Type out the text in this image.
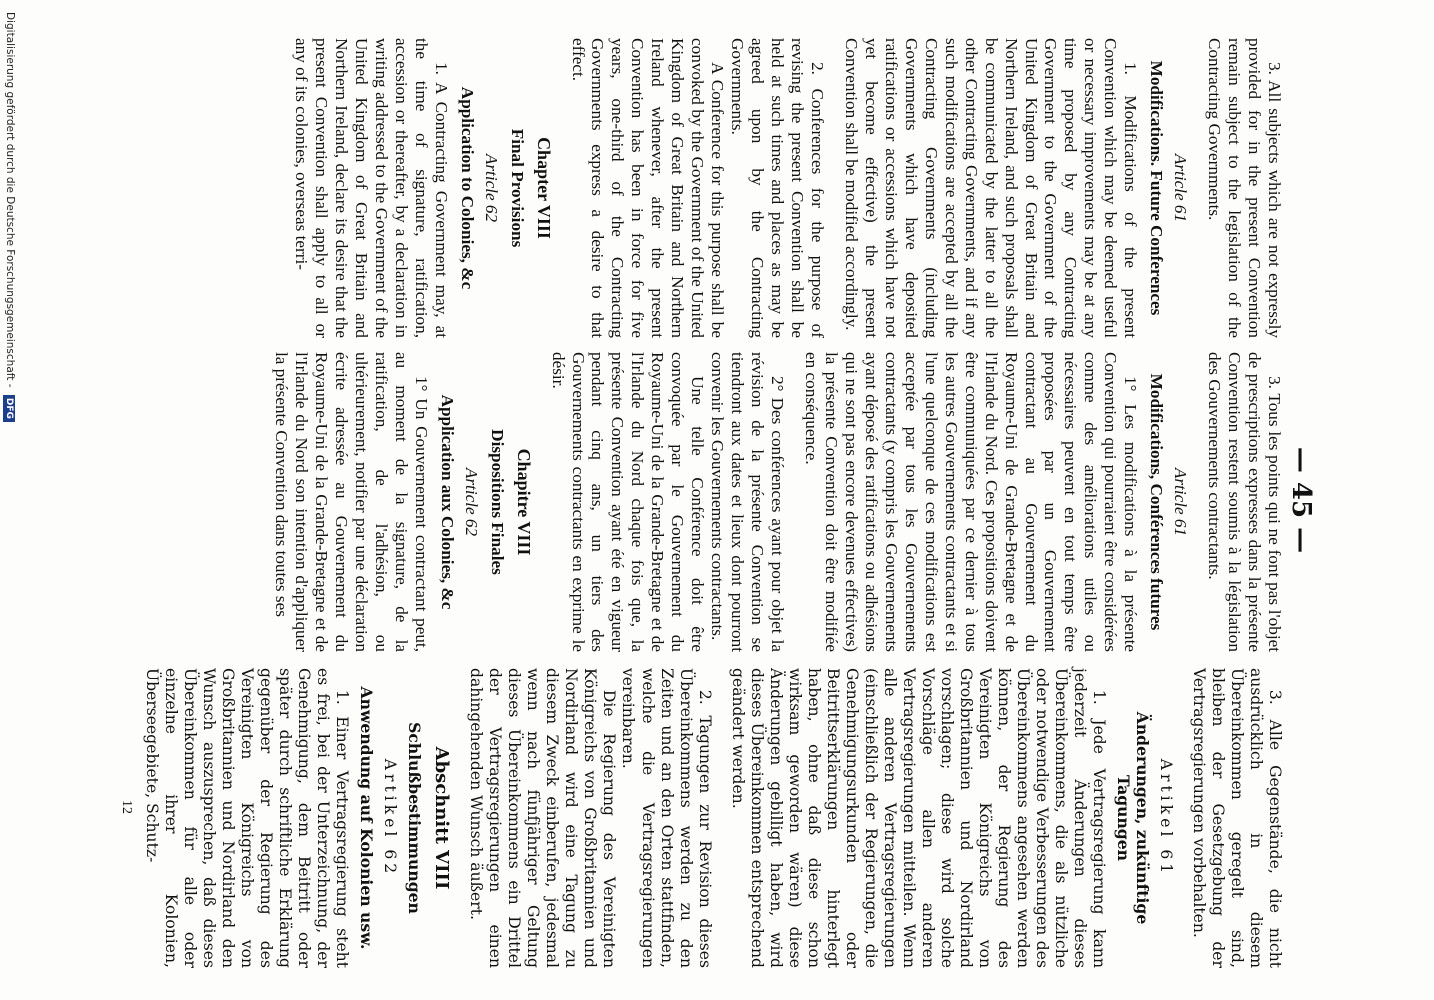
— 45 —

3. All subjects which are not expressly provided for in the present Convention remain subject to the legislation of the Contracting Governments.

Article 61
Modifications. Future Conferences

1. Modifications of the present Convention which may be deemed useful or necessary improvements may be at any time proposed by any Contracting Government to the Government of the United Kingdom of Great Britain and Northern Ireland, and such proposals shall be communicated by the latter to all the other Contracting Governments, and if any such modifications are accepted by all the Contracting Governments (including Governments which have deposited ratifications or accessions which have not yet become effective) the present Convention shall be modified accordingly.

2. Conferences for the purpose of revising the present Convention shall be held at such times and places as may be agreed upon by the Contracting Governments.

A Conference for this purpose shall be convoked by the Government of the United Kingdom of Great Britain and Northern Ireland whenever, after the present Convention has been in force for five years, one-third of the Contracting Governments express a desire to that effect.

Chapter VIII
Final Provisions
Article 62
Application to Colonies, &c

1. A Contracting Government may, at the time of signature, ratification, accession or thereafter, by a declaration in writing addressed to the Government of the United Kingdom of Great Britain and Northern Ireland, declare its desire that the present Convention shall apply to all or any of its colonies, overseas terri-

3. Tous les points qui ne font pas l'objet de prescriptions expresses dans la présente Convention restent soumis à la législation des Gouvernements contractants.

Article 61
Modifications, Conférences futures

1° Les modifications à la présente Convention qui pourraient être considérées comme des améliorations utiles ou nécessaires peuvent en tout temps être proposées par un Gouvernement contractant au Gouvernement du Royaume-Uni de Grande-Bretagne et de l'Irlande du Nord. Ces propositions doivent être communiquées par ce dernier à tous les autres Gouvernements contractants et si l'une quelconque de ces modifications est acceptée par tous les Gouvernements contractants (y compris les Gouvernements ayant déposé des ratifications ou adhésions qui ne sont pas encore devenues effectives) la présente Convention doit être modifiée en conséquence.

2° Des conférences ayant pour objet la révision de la présente Convention se tiendront aux dates et lieux dont pourront convenir les Gouvernements contractants.

Une telle Conférence doit être convoquée par le Gouvernement du Royaume-Uni de la Grande-Bretagne et de l'Irlande du Nord chaque fois que, la présente Convention ayant été en vigueur pendant cinq ans, un tiers des Gouvernements contractants en exprime le désir.

Chapitre VIII
Dispositions Finales
Article 62
Application aux Colonies, &c

1° Un Gouvernement contractant peut, au moment de la signature, de la ratification, de l'adhésion, ou ultérieurement, notifier par une déclaration écrite adressée au Gouvernement du Royaume-Uni de la Grande-Bretagne et de l'Irlande du Nord son intention d'appliquer la présente Convention dans toutes ses

3. Alle Gegenstände, die nicht ausdrücklich in diesem Übereinkommen geregelt sind, bleiben der Gesetzgebung der Vertragsregierungen vorbehalten.

Artikel 61
Änderungen, zukünftige Tagungen

1. Jede Vertragsregierung kann jederzeit Änderungen dieses Übereinkommens, die als nützliche oder notwendige Verbesserungen des Übereinkommens angesehen werden können, der Regierung des Vereinigten Königreichs von Großbritannien und Nordirland vorschlagen; diese wird solche Vorschläge allen anderen Vertragsregierungen mitteilen. Wenn alle anderen Vertragsregierungen (einschließlich der Regierungen, die Genehmigungsurkunden oder Beitrittserklärungen hinterlegt haben, ohne daß diese schon wirksam geworden wären) diese Änderungen gebilligt haben, wird dieses Übereinkommen entsprechend geändert werden.

2. Tagungen zur Revision dieses Übereinkommens werden zu den Zeiten und an den Orten stattfinden, welche die Vertragsregierungen vereinbaren.

Die Regierung des Vereinigten Königreichs von Großbritannien und Nordirland wird eine Tagung zu diesem Zweck einberufen, jedesmal wenn nach fünfjähriger Geltung dieses Übereinkommens ein Drittel der Vertragsregierungen einen dahingehenden Wunsch äußert.

Abschnitt VIII
Schlußbestimmungen
Artikel 62
Anwendung auf Kolonien usw.

1. Einer Vertragsregierung steht es frei, bei der Unterzeichnung, der Genehmigung, dem Beitritt oder später durch schriftliche Erklärung gegenüber der Regierung des Vereinigten Königreichs von Großbritannien und Nordirland den Wunsch auszusprechen, daß dieses Übereinkommen für alle oder einzelne ihrer Kolonien, Überseegebiete, Schutz-

12
Digitalisierung gefördert durch die Deutsche Forschungsgemeinschaft - DFG
